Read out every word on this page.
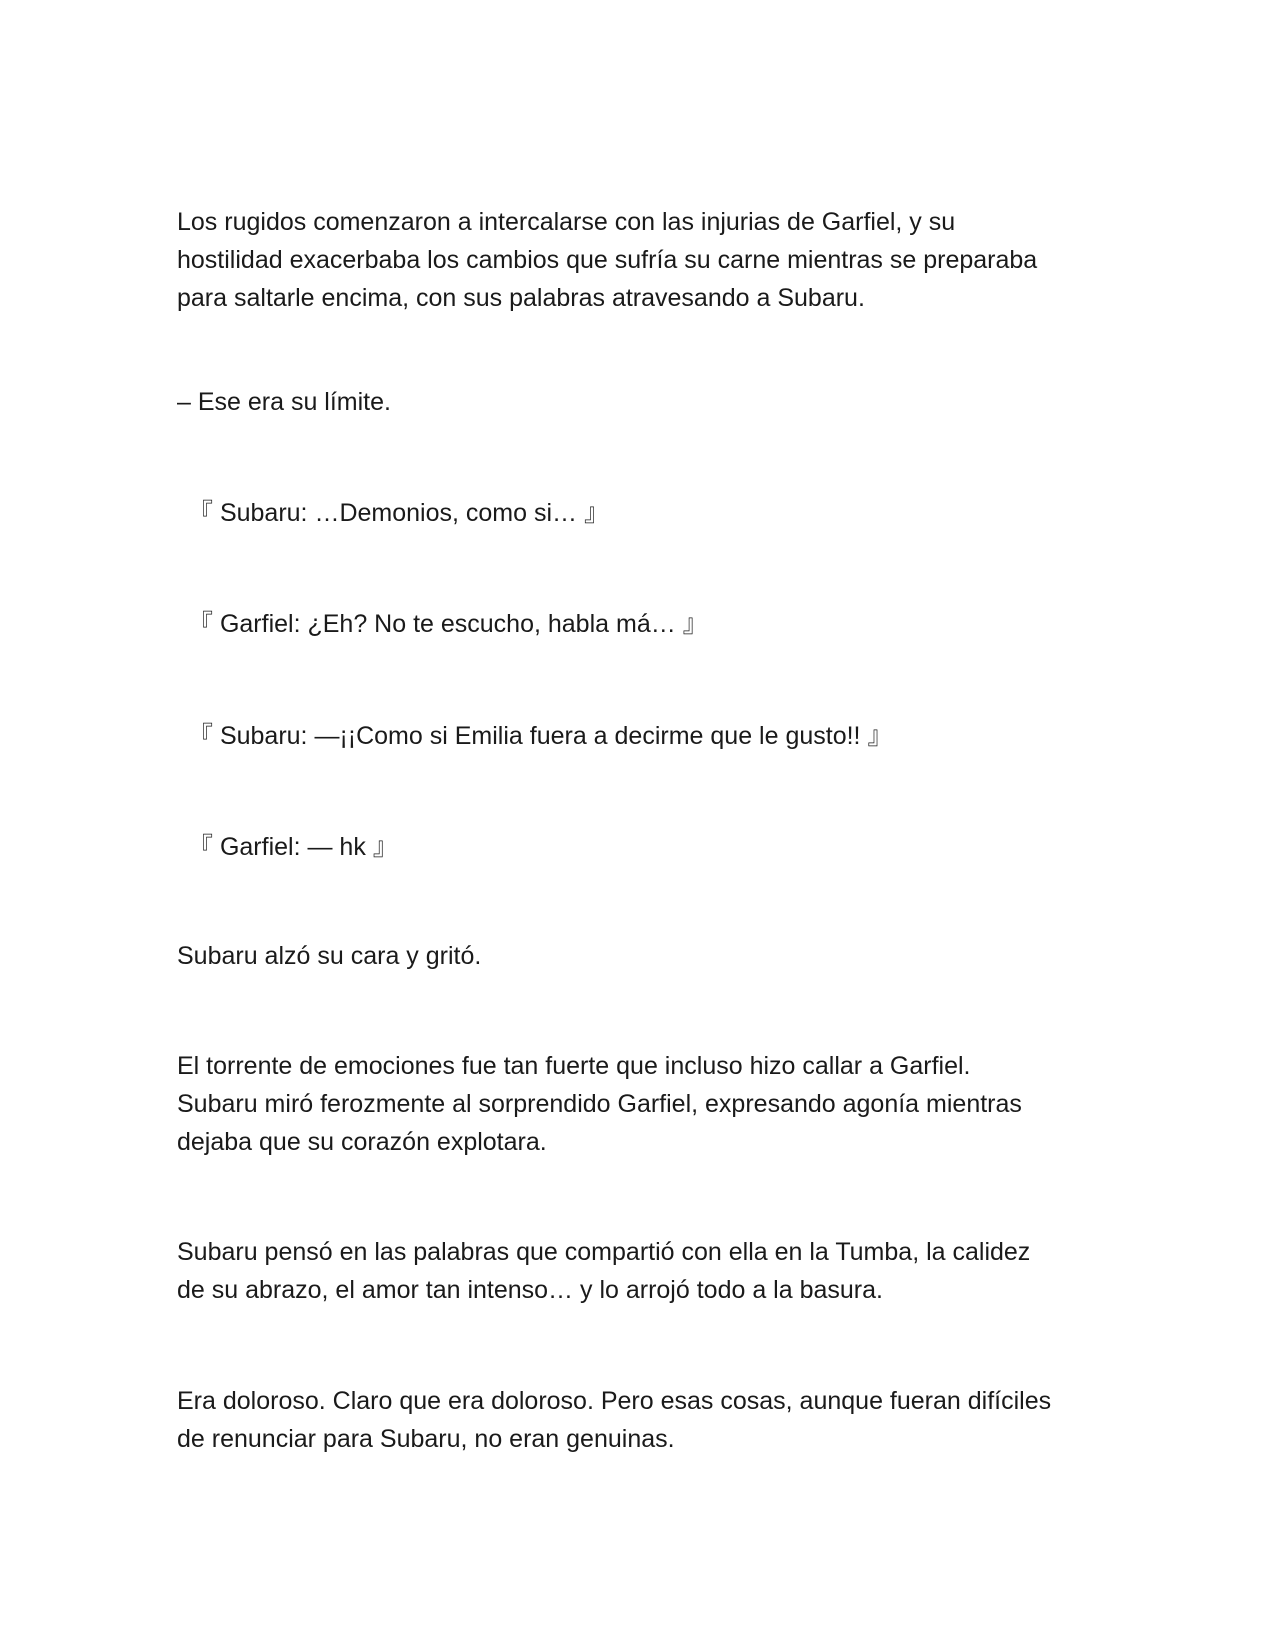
Los rugidos comenzaron a intercalarse con las injurias de Garfiel, y su
hostilidad exacerbaba los cambios que sufría su carne mientras se preparaba
para saltarle encima, con sus palabras atravesando a Subaru.

– Ese era su límite.

『 Subaru: …Demonios, como si… 』

『 Garfiel: ¿Eh? No te escucho, habla má… 』

『 Subaru: —¡¡Como si Emilia fuera a decirme que le gusto!! 』

『 Garfiel: — hk 』

Subaru alzó su cara y gritó.

El torrente de emociones fue tan fuerte que incluso hizo callar a Garfiel.
Subaru miró ferozmente al sorprendido Garfiel, expresando agonía mientras
dejaba que su corazón explotara.

Subaru pensó en las palabras que compartió con ella en la Tumba, la calidez
de su abrazo, el amor tan intenso… y lo arrojó todo a la basura.

Era doloroso. Claro que era doloroso. Pero esas cosas, aunque fueran difíciles
de renunciar para Subaru, no eran genuinas.
